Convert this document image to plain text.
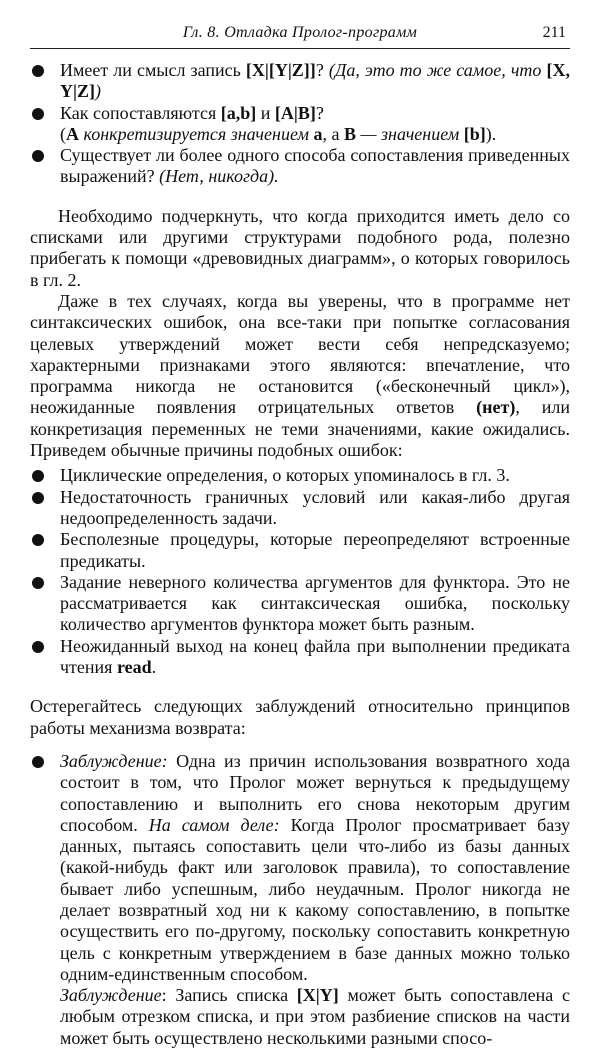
Гл. 8. Отладка Пролог-программ	211
Имеет ли смысл запись [X|[Y|Z]]? (Да, это то же самое, что [X, Y|Z])
Как сопоставляются [a,b] и [A|B]?
(A конкретизируется значением a, а B — значением [b]).
Существует ли более одного способа сопоставления приведенных выражений? (Нет, никогда).

Необходимо подчеркнуть, что когда приходится иметь дело со списками или другими структурами подобного рода, полезно прибегать к помощи «древовидных диаграмм», о которых говорилось в гл. 2.

Даже в тех случаях, когда вы уверены, что в программе нет синтаксических ошибок, она все-таки при попытке согласования целевых утверждений может вести себя непредсказуемо; характерными признаками этого являются: впечатление, что программа никогда не остановится («бесконечный цикл»), неожиданные появления отрицательных ответов (нет), или конкретизация переменных не теми значениями, какие ожидались. Приведем обычные причины подобных ошибок:

Циклические определения, о которых упоминалось в гл. 3.
Недостаточность граничных условий или какая-либо другая недоопределенность задачи.
Бесполезные процедуры, которые переопределяют встроенные предикаты.
Задание неверного количества аргументов для функтора. Это не рассматривается как синтаксическая ошибка, поскольку количество аргументов функтора может быть разным.
Неожиданный выход на конец файла при выполнении предиката чтения read.

Остерегайтесь следующих заблуждений относительно принципов работы механизма возврата:

Заблуждение: Одна из причин использования возвратного хода состоит в том, что Пролог может вернуться к предыдущему сопоставлению и выполнить его снова некоторым другим способом. На самом деле: Когда Пролог просматривает базу данных, пытаясь сопоставить цели что-либо из базы данных (какой-нибудь факт или заголовок правила), то сопоставление бывает либо успешным, либо неудачным. Пролог никогда не делает возвратный ход ни к какому сопоставлению, в попытке осуществить его по-другому, поскольку сопоставить конкретную цель с конкретным утверждением в базе данных можно только одним-единственным способом.
Заблуждение: Запись списка [X|Y] может быть сопоставлена с любым отрезком списка, и при этом разбиение списков на части может быть осуществлено несколькими разными спосо-
